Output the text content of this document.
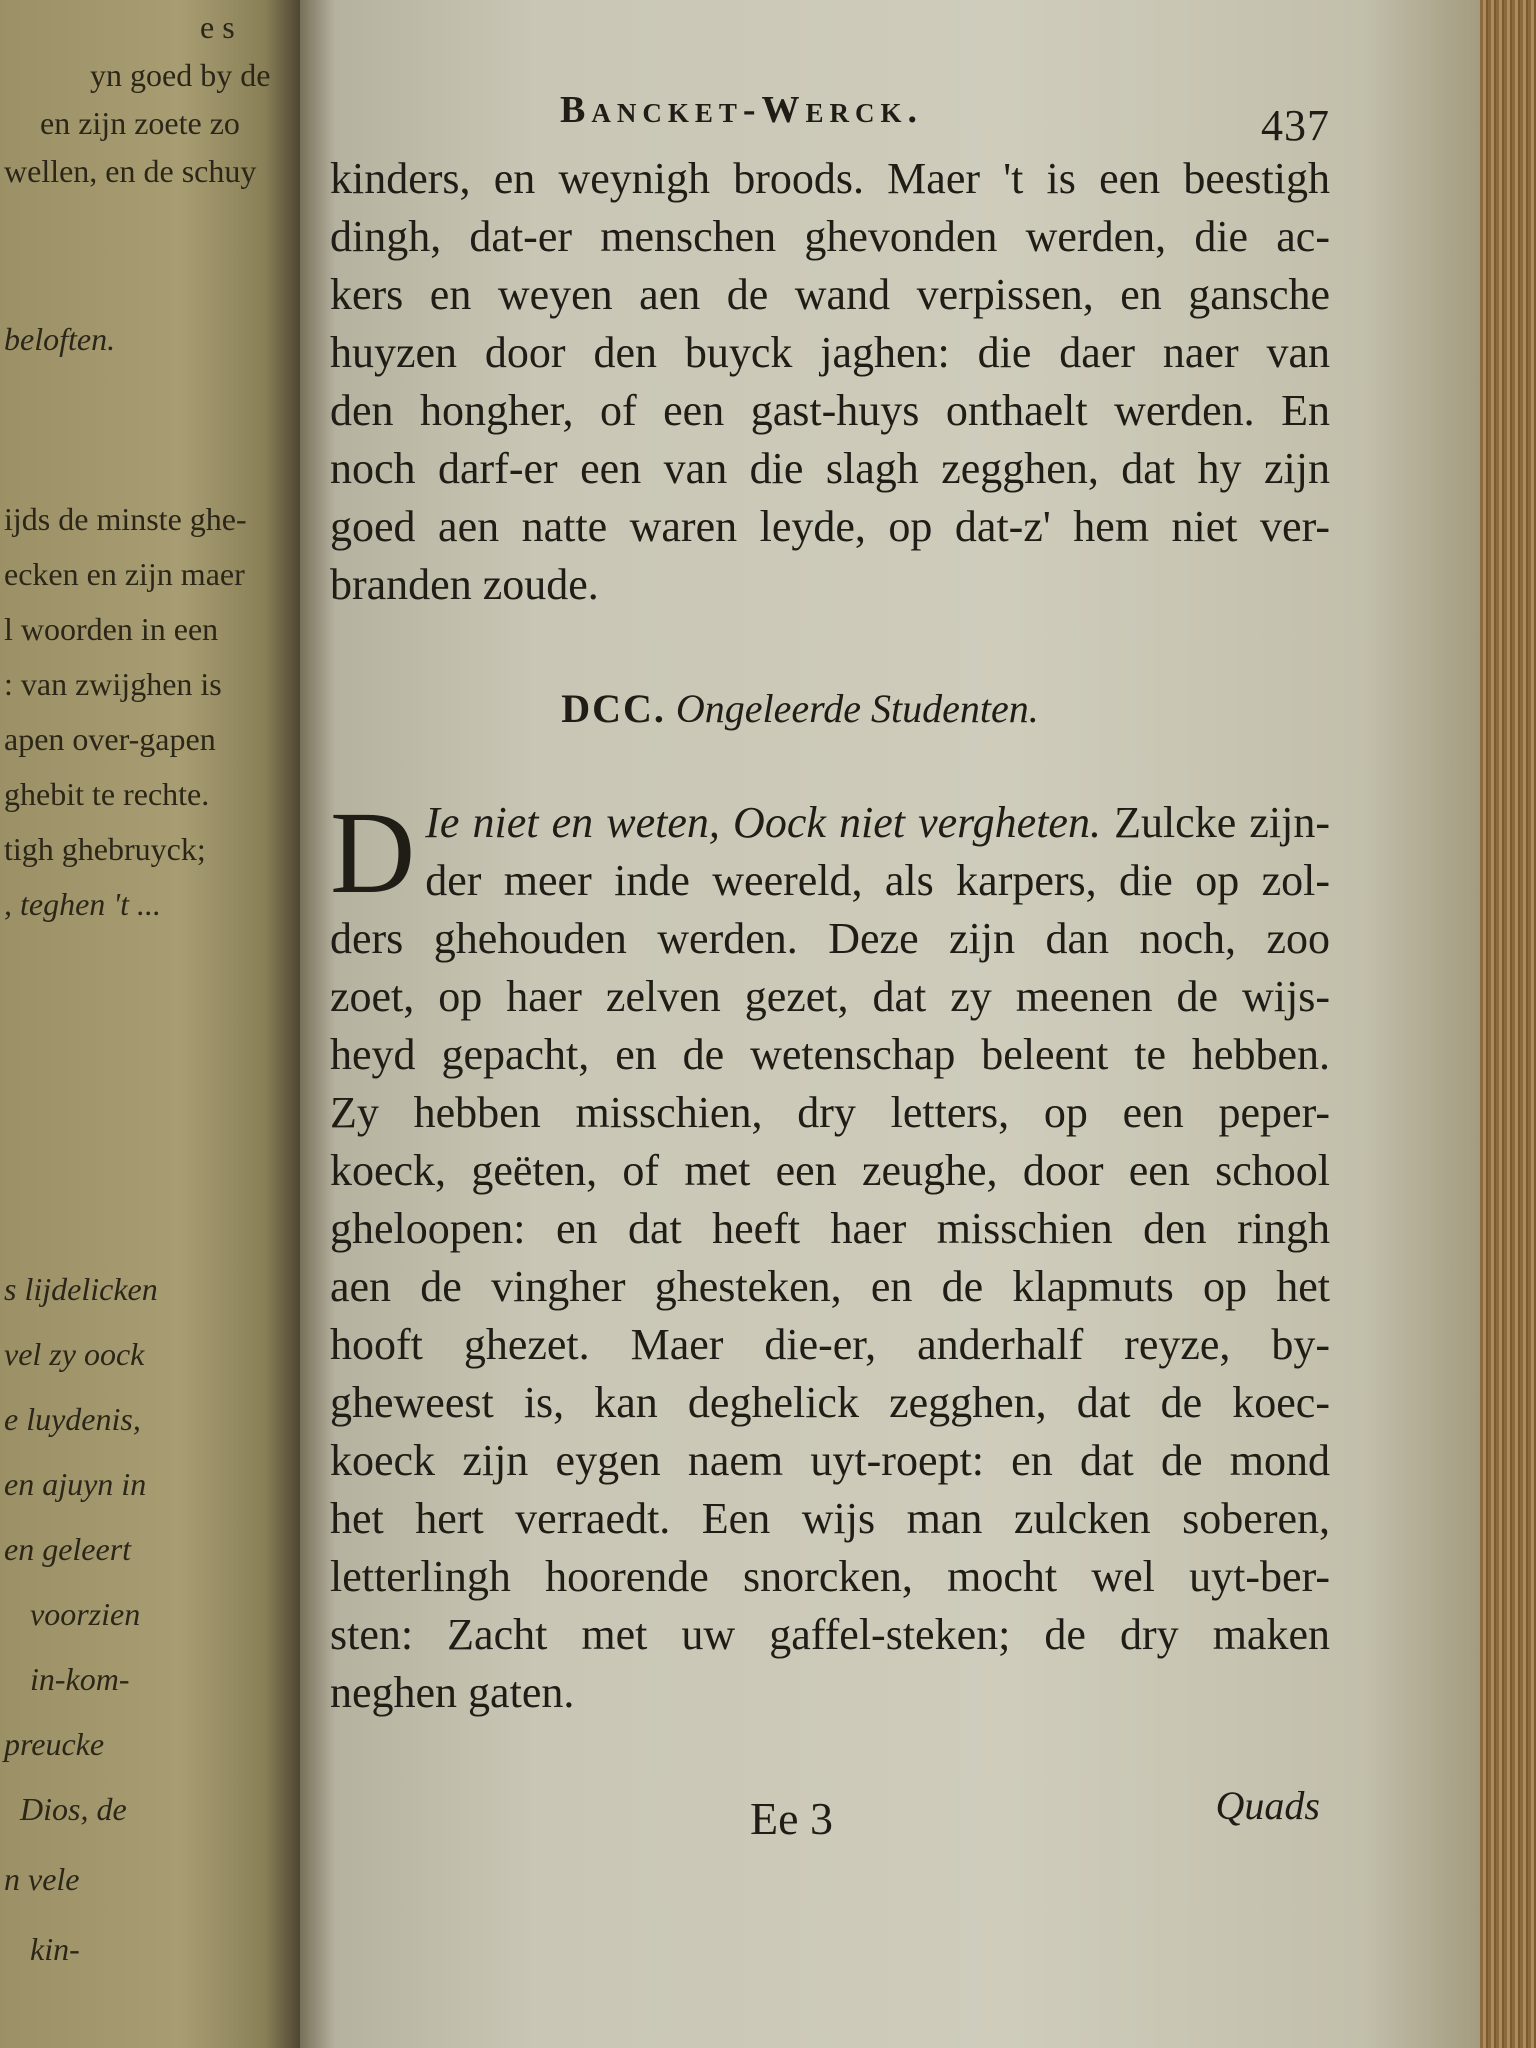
e s
yn goed by de
en zijn zoete zo
wellen, en de schuy
beloften.
ijds de minste ghe-
ecken en zijn maer
l woorden in een
: van zwijghen is
apen over-gapen
ghebit te rechte.
tigh ghebruyck;
, teghen 't ...
s lijdelicken
vel zy oock
e luydenis,
en ajuyn in
en geleert
voorzien
in-kom-
preucke
Dios, de
n vele
kin-
Bancket-Werck.	437
kinders, en weynigh broods. Maer 't is een beestigh
dingh, dat-er menschen ghevonden werden, die ac-
kers en weyen aen de wand verpissen, en gansche
huyzen door den buyck jaghen: die daer naer van
den hongher, of een gast-huys onthaelt werden. En
noch darf-er een van die slagh zegghen, dat hy zijn
goed aen natte waren leyde, op dat-z' hem niet ver-
branden zoude.
DCC. Ongeleerde Studenten.
D Ie niet en weten, Oock niet vergheten. Zulcke zijn-
der meer inde weereld, als karpers, die op zol-
ders ghehouden werden. Deze zijn dan noch, zoo
zoet, op haer zelven gezet, dat zy meenen de wijs-
heyd gepacht, en de wetenschap beleent te hebben.
Zy hebben misschien, dry letters, op een peper-
koeck, geëten, of met een zeughe, door een school
gheloopen: en dat heeft haer misschien den ringh
aen de vingher ghesteken, en de klapmuts op het
hooft ghezet. Maer die-er, anderhalf reyze, by-
gheweest is, kan deghelick zegghen, dat de koec-
koeck zijn eygen naem uyt-roept: en dat de mond
het hert verraedt. Een wijs man zulcken soberen,
letterlingh hoorende snorcken, mocht wel uyt-ber-
sten: Zacht met uw gaffel-steken; de dry maken
neghen gaten.
Ee 3	Quads
